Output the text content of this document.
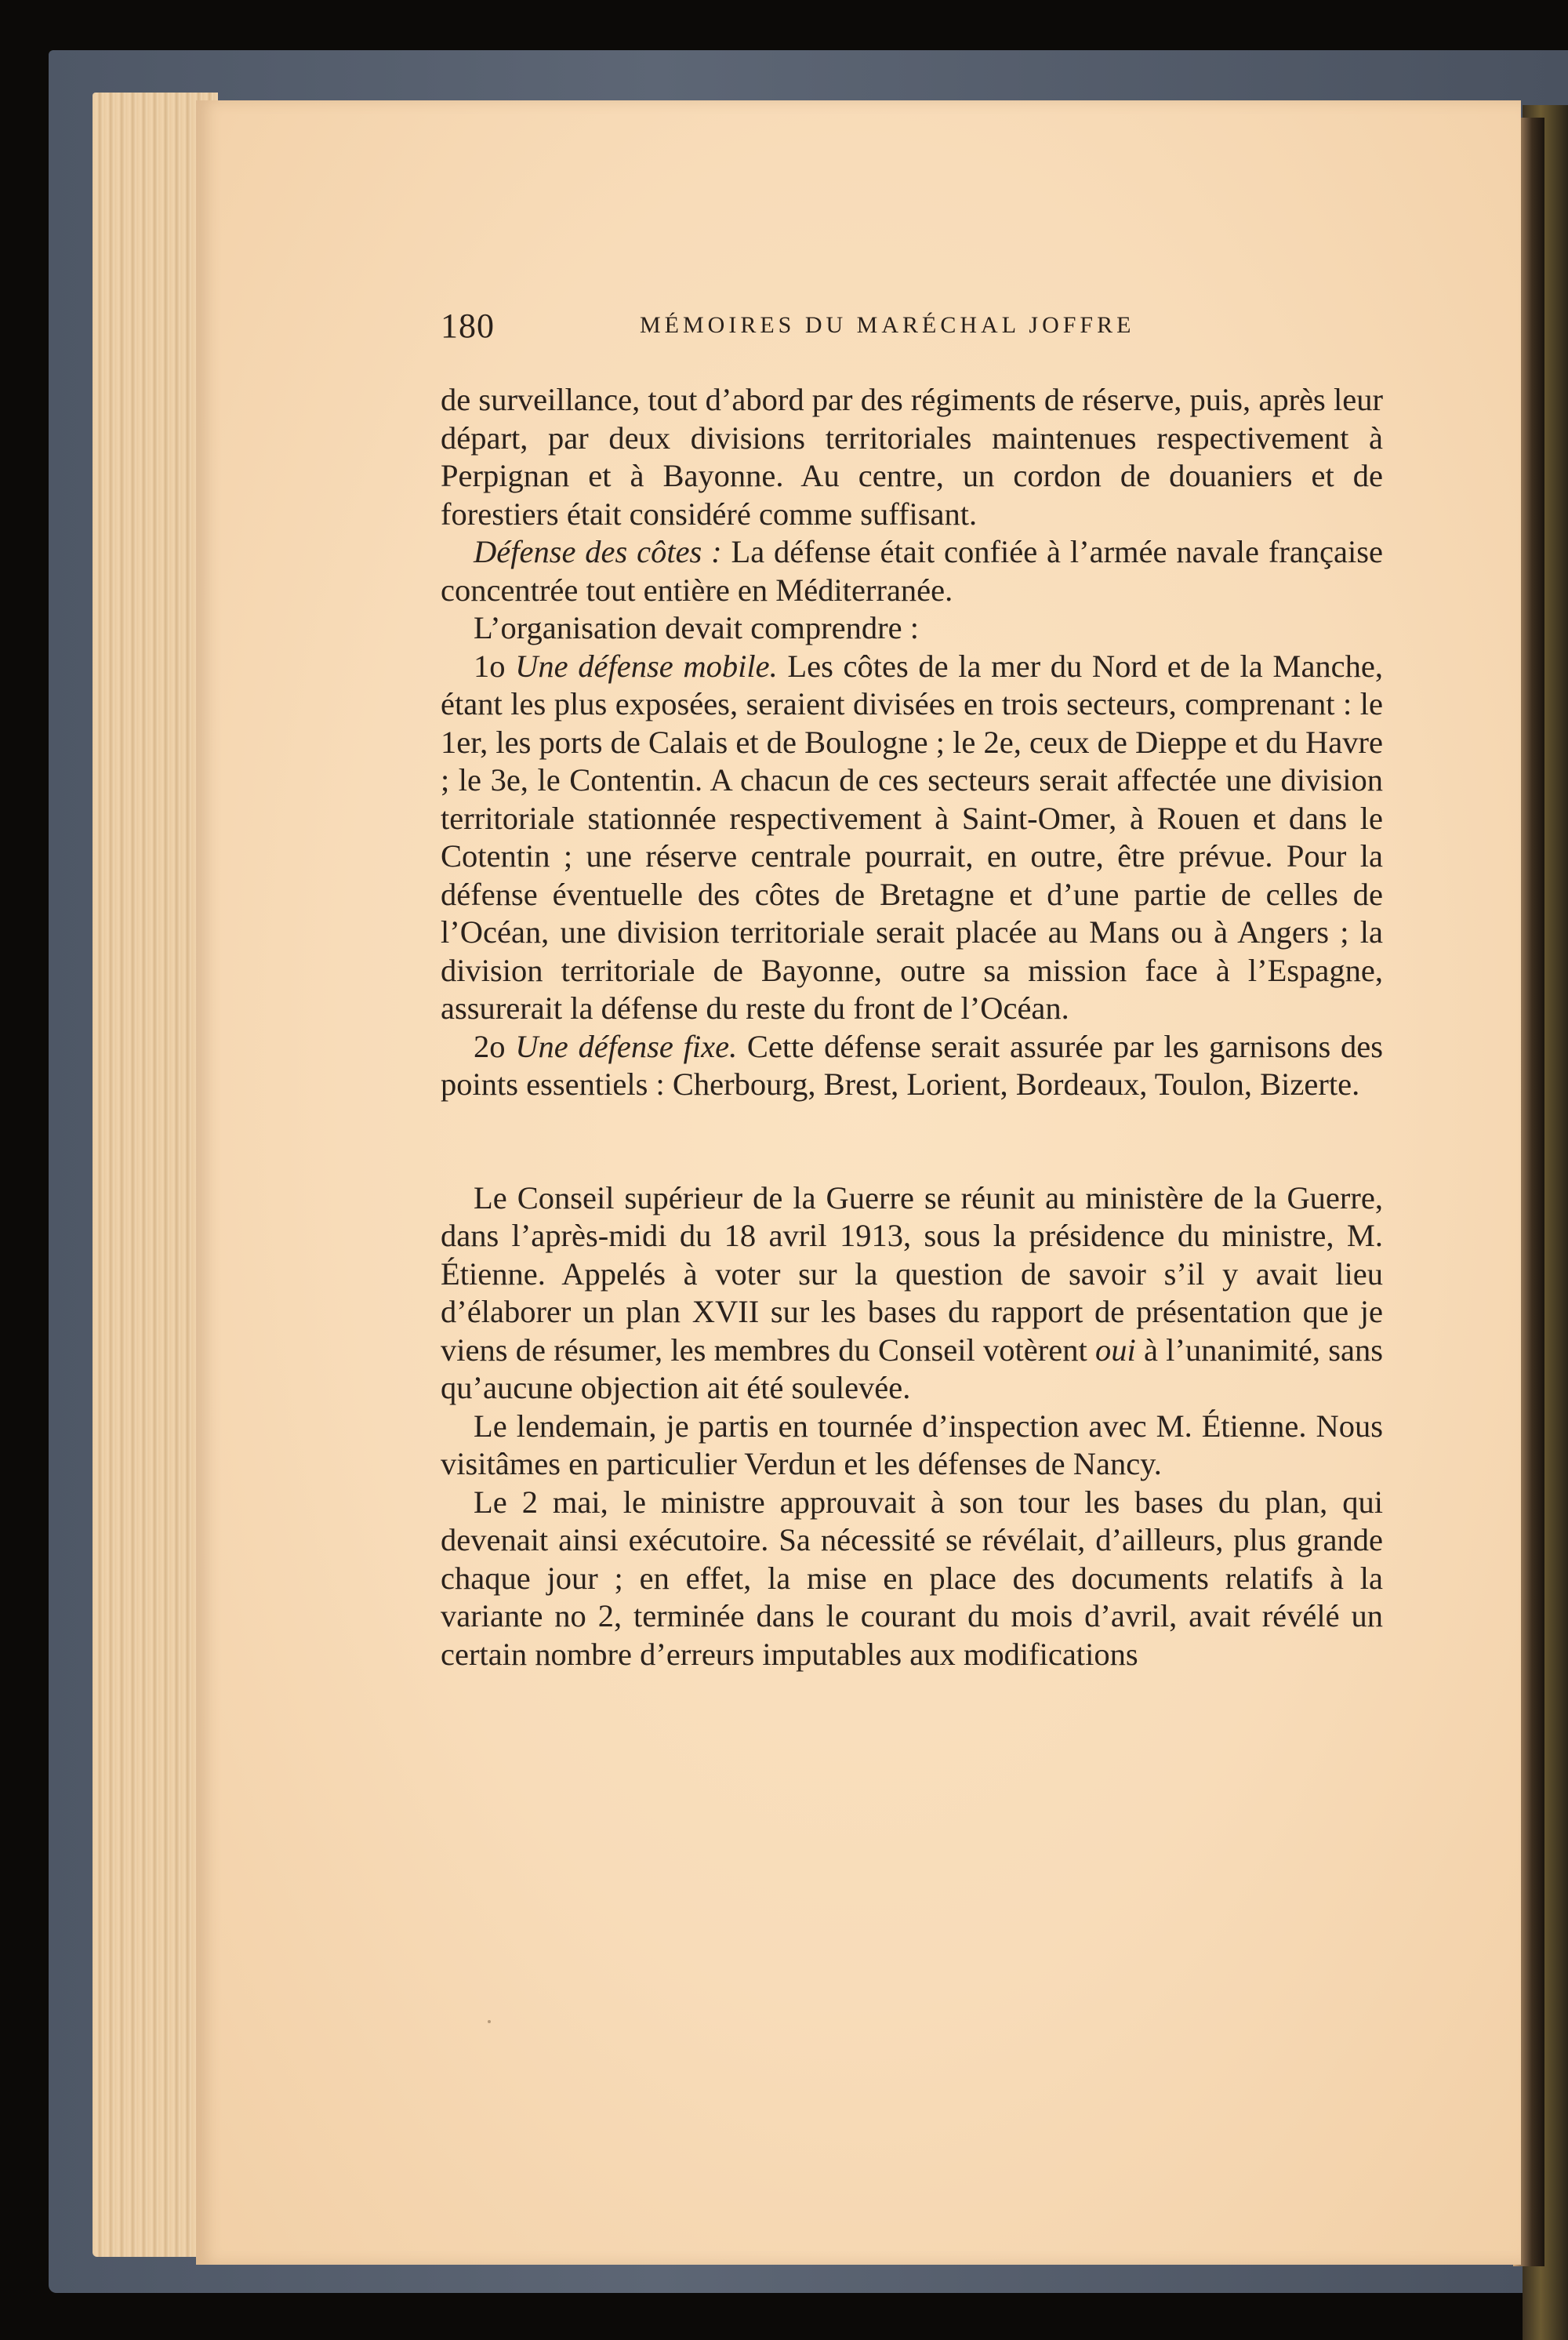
180	MÉMOIRES DU MARÉCHAL JOFFRE

de surveillance, tout d’abord par des régiments de réserve, puis, après leur départ, par deux divisions territoriales maintenues respectivement à Perpignan et à Bayonne. Au centre, un cordon de douaniers et de forestiers était considéré comme suffisant.

Défense des côtes : La défense était confiée à l’armée navale française concentrée tout entière en Méditerranée.

L’organisation devait comprendre :

1o Une défense mobile. Les côtes de la mer du Nord et de la Manche, étant les plus exposées, seraient divisées en trois secteurs, comprenant : le 1er, les ports de Calais et de Boulogne ; le 2e, ceux de Dieppe et du Havre ; le 3e, le Contentin. A chacun de ces secteurs serait affectée une division territoriale stationnée respectivement à Saint-Omer, à Rouen et dans le Cotentin ; une réserve centrale pourrait, en outre, être prévue. Pour la défense éventuelle des côtes de Bretagne et d’une partie de celles de l’Océan, une division territoriale serait placée au Mans ou à Angers ; la division territoriale de Bayonne, outre sa mission face à l’Espagne, assurerait la défense du reste du front de l’Océan.

2o Une défense fixe. Cette défense serait assurée par les garnisons des points essentiels : Cherbourg, Brest, Lorient, Bordeaux, Toulon, Bizerte.

Le Conseil supérieur de la Guerre se réunit au ministère de la Guerre, dans l’après-midi du 18 avril 1913, sous la présidence du ministre, M. Étienne. Appelés à voter sur la question de savoir s’il y avait lieu d’élaborer un plan XVII sur les bases du rapport de présentation que je viens de résumer, les membres du Conseil votèrent oui à l’unanimité, sans qu’aucune objection ait été soulevée.

Le lendemain, je partis en tournée d’inspection avec M. Étienne. Nous visitâmes en particulier Verdun et les défenses de Nancy.

Le 2 mai, le ministre approuvait à son tour les bases du plan, qui devenait ainsi exécutoire. Sa nécessité se révélait, d’ailleurs, plus grande chaque jour ; en effet, la mise en place des documents relatifs à la variante no 2, terminée dans le courant du mois d’avril, avait révélé un certain nombre d’erreurs imputables aux modifications
